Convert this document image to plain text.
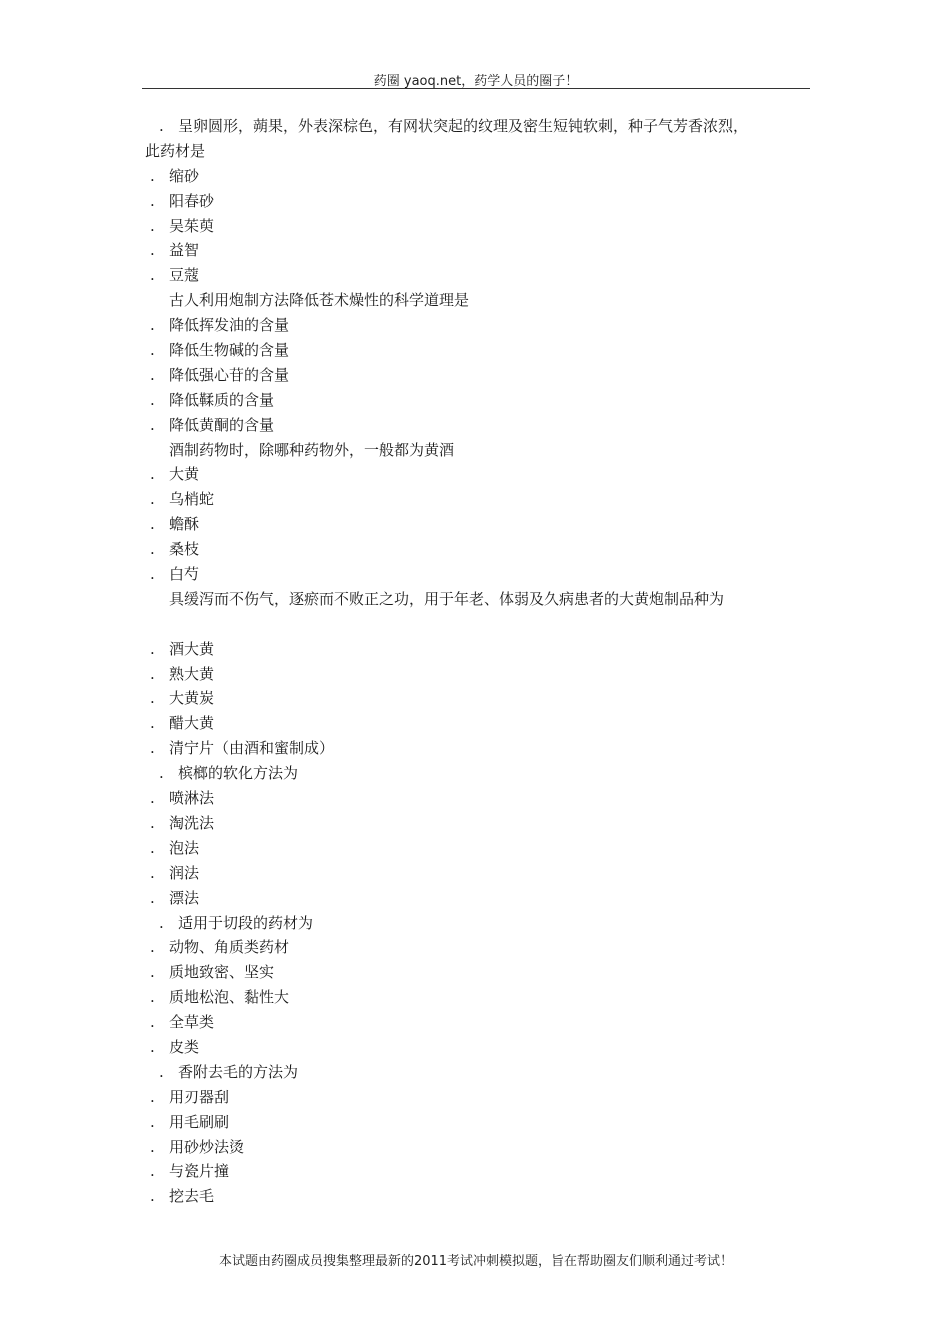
药圈 yaoq.net，药学人员的圈子！
. 呈卵圆形，蒴果，外表深棕色，有网状突起的纹理及密生短钝软刺，种子气芳香浓烈，
此药材是
. 缩砂
. 阳春砂
. 吴茱萸
. 益智
. 豆蔻
古人利用炮制方法降低苍术燥性的科学道理是
. 降低挥发油的含量
. 降低生物碱的含量
. 降低强心苷的含量
. 降低鞣质的含量
. 降低黄酮的含量
酒制药物时，除哪种药物外，一般都为黄酒
. 大黄
. 乌梢蛇
. 蟾酥
. 桑枝
. 白芍
具缓泻而不伤气，逐瘀而不败正之功，用于年老、体弱及久病患者的大黄炮制品种为
. 酒大黄
. 熟大黄
. 大黄炭
. 醋大黄
. 清宁片（由酒和蜜制成）
. 槟榔的软化方法为
. 喷淋法
. 淘洗法
. 泡法
. 润法
. 漂法
. 适用于切段的药材为
. 动物、角质类药材
. 质地致密、坚实
. 质地松泡、黏性大
. 全草类
. 皮类
. 香附去毛的方法为
. 用刃器刮
. 用毛刷刷
. 用砂炒法烫
. 与瓷片撞
. 挖去毛
本试题由药圈成员搜集整理最新的2011考试冲刺模拟题，旨在帮助圈友们顺利通过考试！
